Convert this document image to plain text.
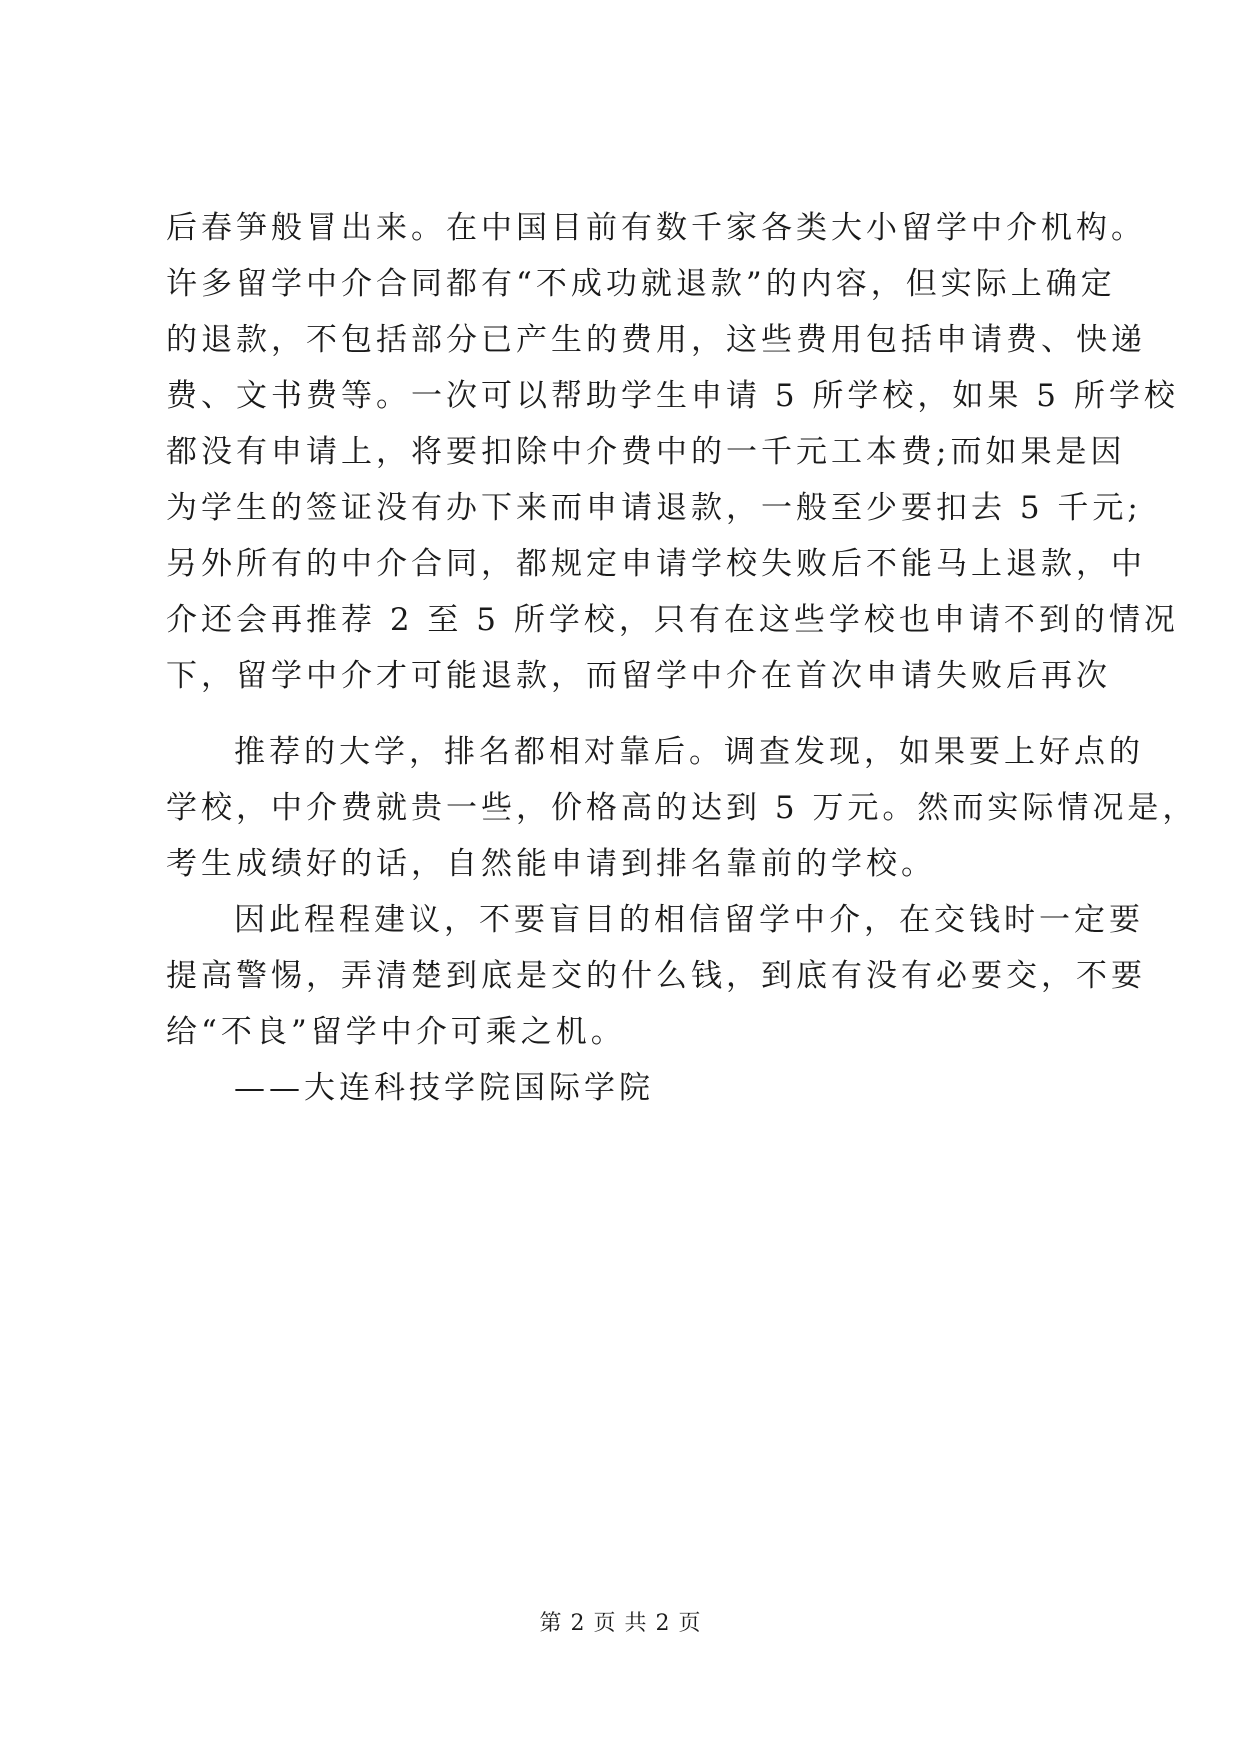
后春笋般冒出来。在中国目前有数千家各类大小留学中介机构。
许多留学中介合同都有“不成功就退款”的内容，但实际上确定
的退款，不包括部分已产生的费用，这些费用包括申请费、快递
费、文书费等。一次可以帮助学生申请 5 所学校，如果 5 所学校
都没有申请上，将要扣除中介费中的一千元工本费;而如果是因
为学生的签证没有办下来而申请退款，一般至少要扣去 5 千元;
另外所有的中介合同，都规定申请学校失败后不能马上退款，中
介还会再推荐 2 至 5 所学校，只有在这些学校也申请不到的情况
下，留学中介才可能退款，而留学中介在首次申请失败后再次
推荐的大学，排名都相对靠后。调查发现，如果要上好点的
学校，中介费就贵一些，价格高的达到 5 万元。然而实际情况是，
考生成绩好的话，自然能申请到排名靠前的学校。
因此程程建议，不要盲目的相信留学中介，在交钱时一定要
提高警惕，弄清楚到底是交的什么钱，到底有没有必要交，不要
给“不良”留学中介可乘之机。
——大连科技学院国际学院
第 2 页 共 2 页
